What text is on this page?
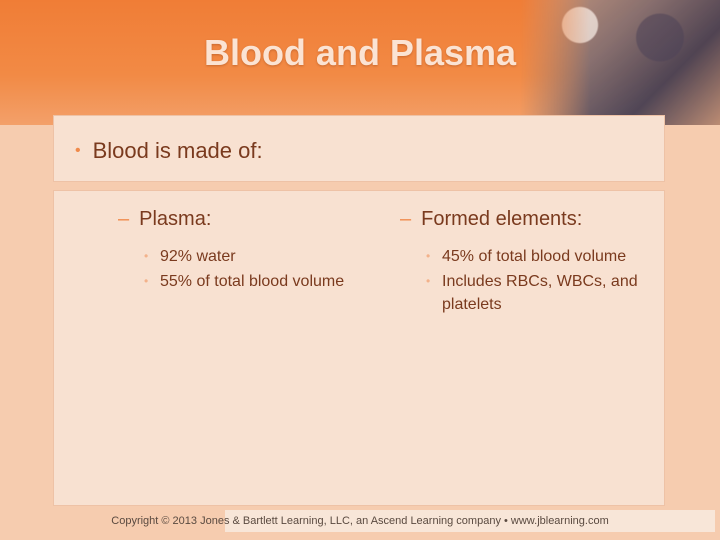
Blood and Plasma
• Blood is made of:
– Plasma:
• 92% water
• 55% of total blood volume
– Formed elements:
• 45% of total blood volume
• Includes RBCs, WBCs, and platelets
Copyright © 2013 Jones & Bartlett Learning, LLC, an Ascend Learning company • www.jblearning.com
